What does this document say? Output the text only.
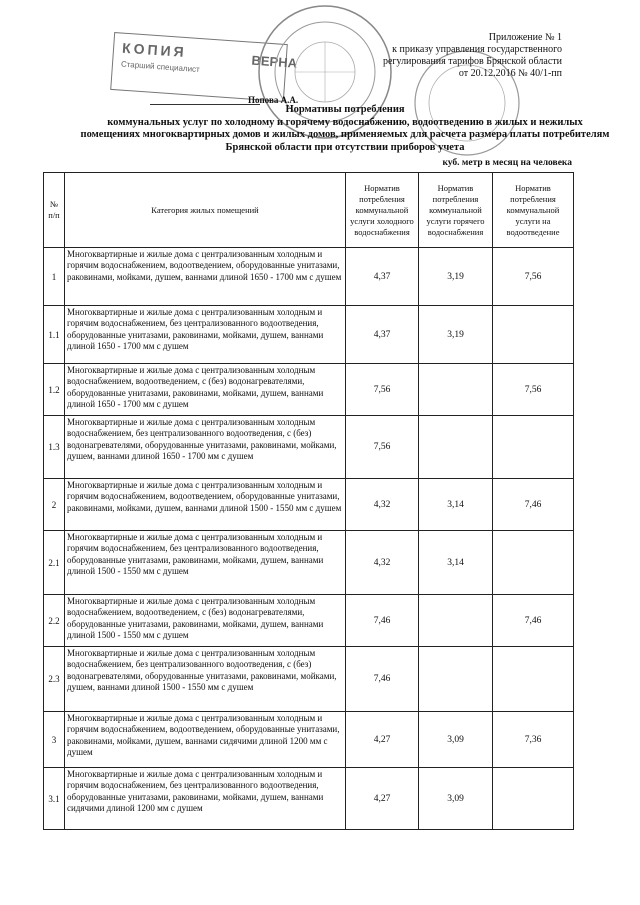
КОПИЯ
Старший специалист	ВЕРНА
Попова А.А.
Приложение № 1
к приказу управления государственного
регулирования тарифов Брянской области
от 20.12.2016 № 40/1-пп
Нормативы потребления
коммунальных услуг по холодному и горячему водоснабжению, водоотведению в жилых и нежилых
помещениях многоквартирных домов и жилых домов, применяемых для расчета размера платы потребителям
Брянской области при отсутствии приборов учета
куб. метр в месяц на человека
№ п/п	Категория жилых помещений	Норматив потребления коммунальной услуги холодного водоснабжения	Норматив потребления коммунальной услуги горячего водоснабжения	Норматив потребления коммунальной услуги на водоотведение
1	Многоквартирные и жилые дома с централизованным холодным и горячим водоснабжением, водоотведением, оборудованные унитазами, раковинами, мойками, душем, ваннами длиной 1650 - 1700 мм с душем	4,37	3,19	7,56
1.1	Многоквартирные и жилые дома с централизованным холодным и горячим водоснабжением, без централизованного водоотведения, оборудованные унитазами, раковинами, мойками, душем, ваннами длиной 1650 - 1700 мм с душем	4,37	3,19	
1.2	Многоквартирные и жилые дома с централизованным холодным водоснабжением, водоотведением, с (без) водонагревателями, оборудованные унитазами, раковинами, мойками, душем, ваннами длиной 1650 - 1700 мм с душем	7,56		7,56
1.3	Многоквартирные и жилые дома с централизованным холодным водоснабжением, без централизованного водоотведения, с (без) водонагревателями, оборудованные унитазами, раковинами, мойками, душем, ваннами длиной 1650 - 1700 мм с душем	7,56		
2	Многоквартирные и жилые дома с централизованным холодным и горячим водоснабжением, водоотведением, оборудованные унитазами, раковинами, мойками, душем, ваннами длиной 1500 - 1550 мм с душем	4,32	3,14	7,46
2.1	Многоквартирные и жилые дома с централизованным холодным и горячим водоснабжением, без централизованного водоотведения, оборудованные унитазами, раковинами, мойками, душем, ваннами длиной 1500 - 1550 мм с душем	4,32	3,14	
2.2	Многоквартирные и жилые дома с централизованным холодным водоснабжением, водоотведением, с (без) водонагревателями, оборудованные унитазами, раковинами, мойками, душем, ваннами длиной 1500 - 1550 мм с душем	7,46		7,46
2.3	Многоквартирные и жилые дома с централизованным холодным водоснабжением, без централизованного водоотведения, с (без) водонагревателями, оборудованные унитазами, раковинами, мойками, душем, ваннами длиной 1500 - 1550 мм с душем	7,46		
3	Многоквартирные и жилые дома с централизованным холодным и горячим водоснабжением, водоотведением, оборудованные унитазами, раковинами, мойками, душем, ваннами сидячими длиной 1200 мм с душем	4,27	3,09	7,36
3.1	Многоквартирные и жилые дома с централизованным холодным и горячим водоснабжением, без централизованного водоотведения, оборудованные унитазами, раковинами, мойками, душем, ваннами сидячими длиной 1200 мм с душем	4,27	3,09	
